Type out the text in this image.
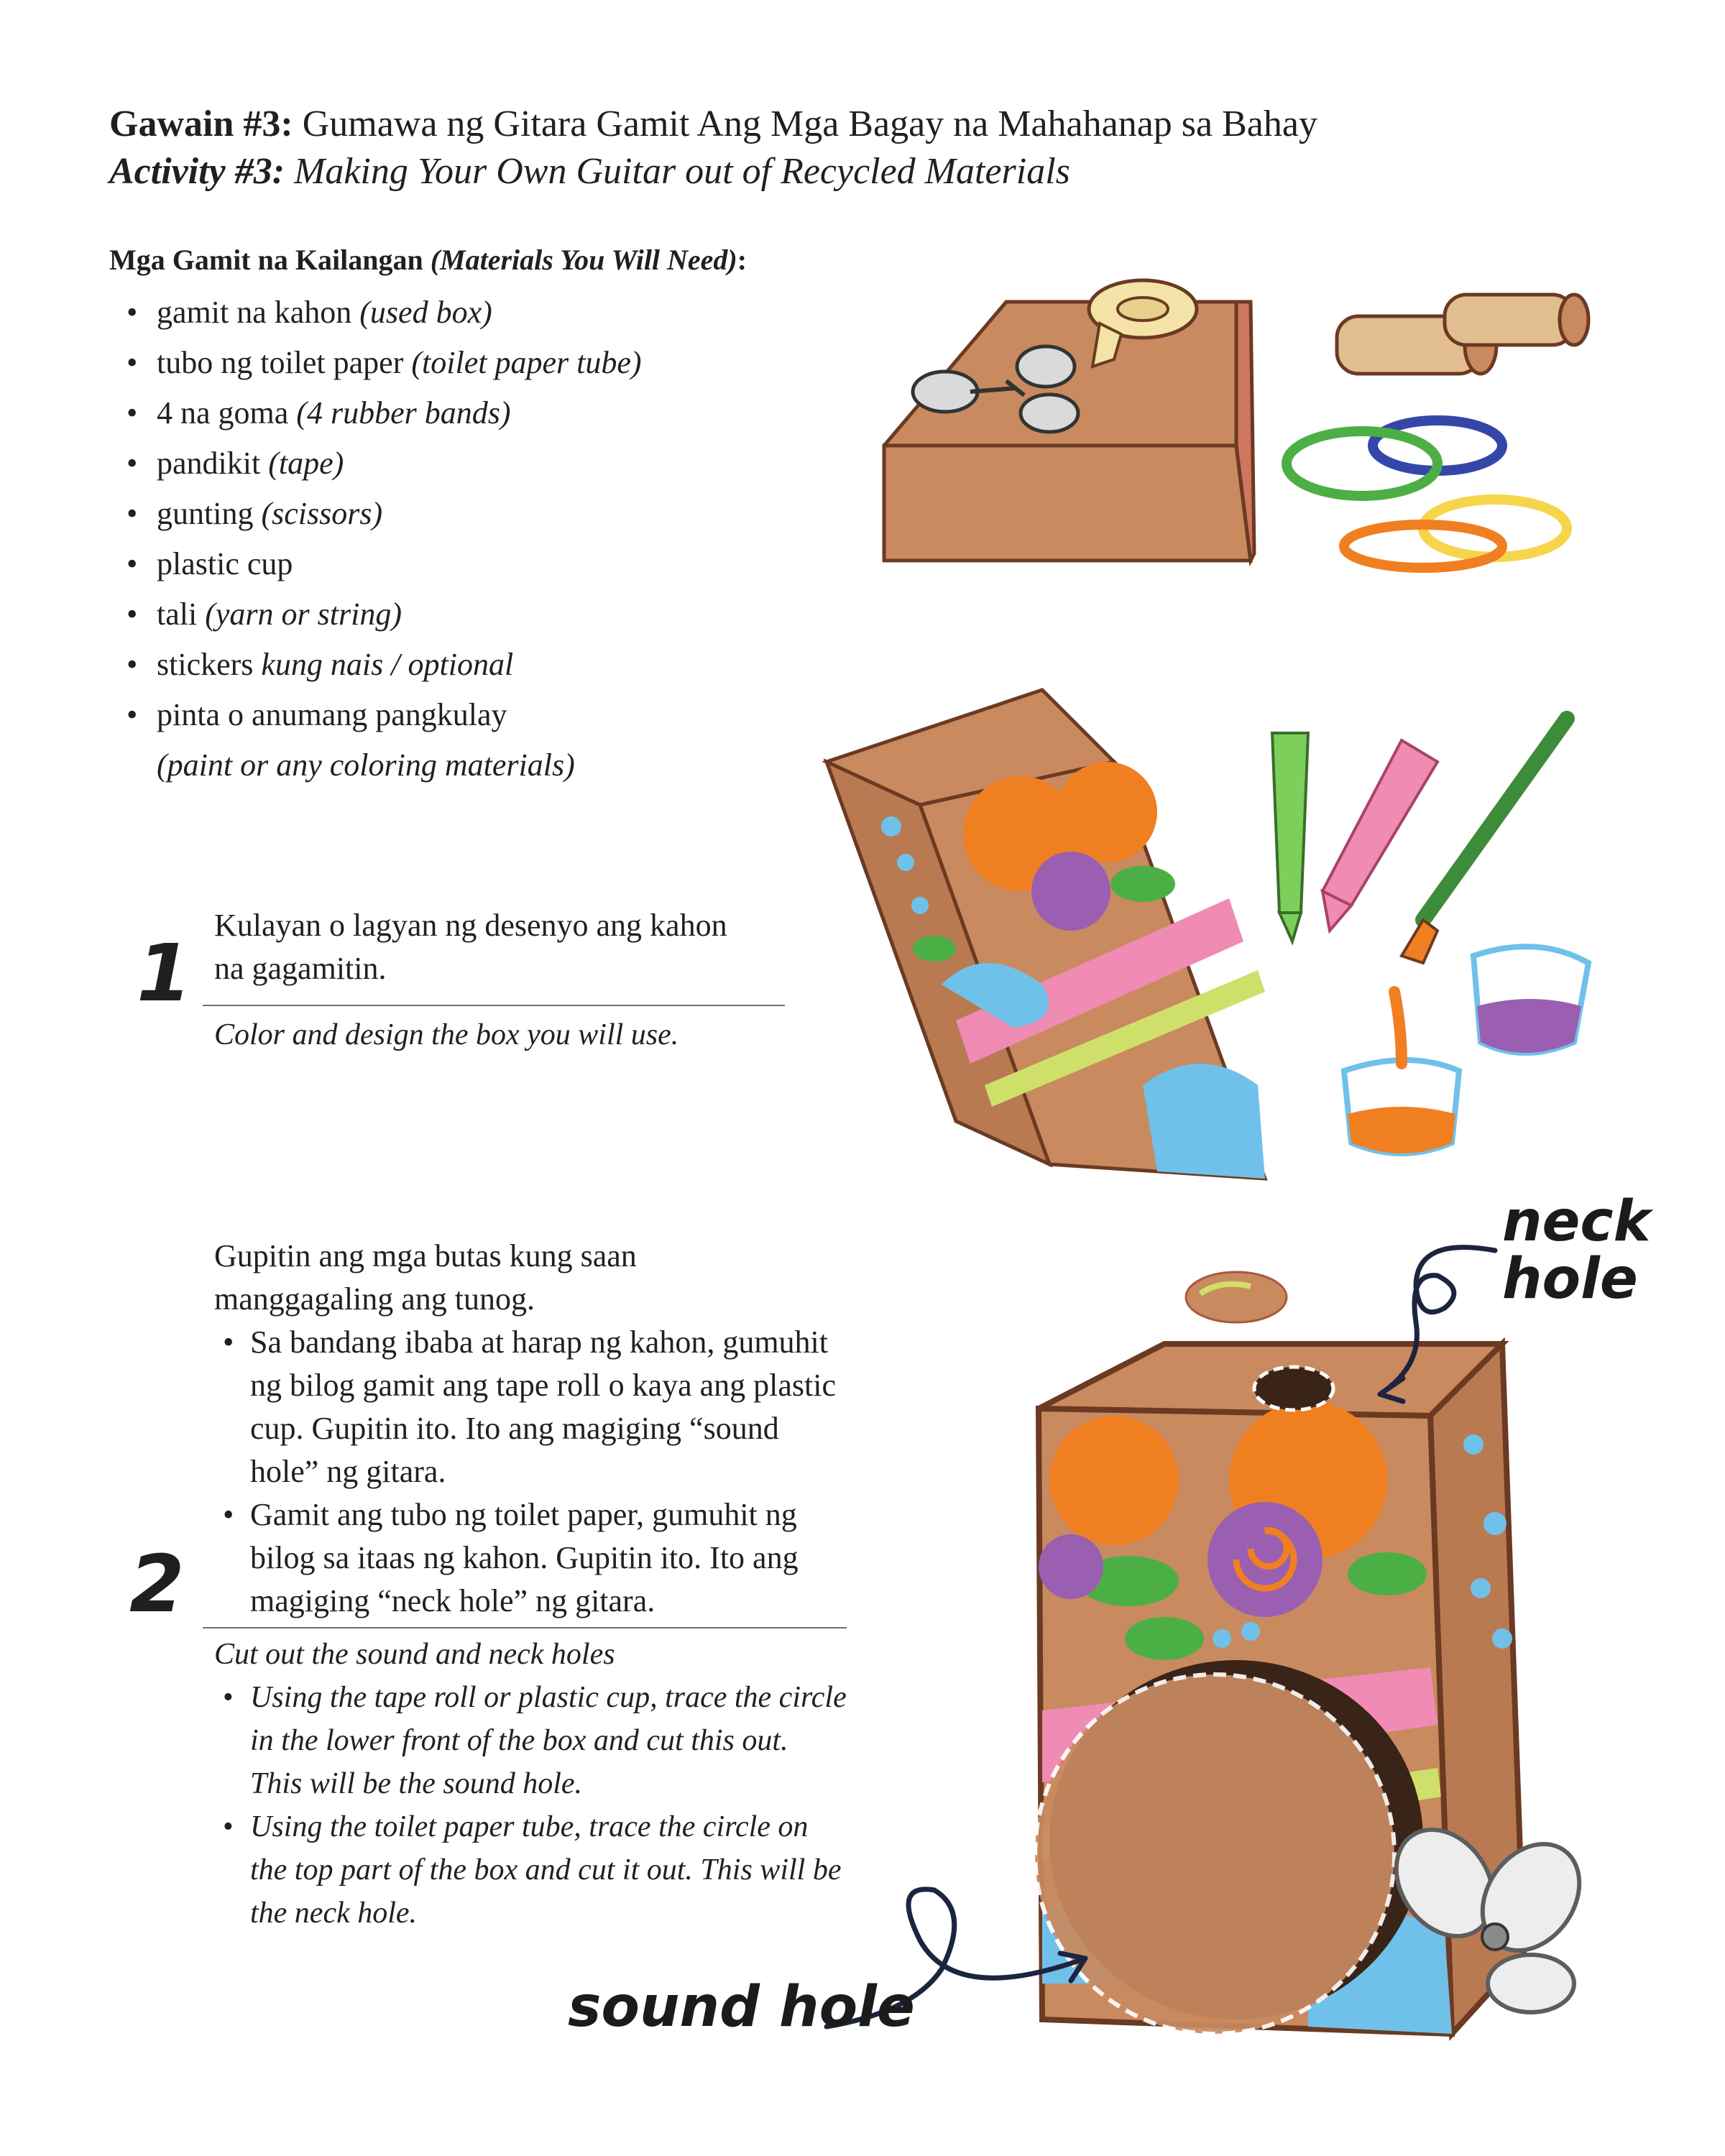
Gawain #3: Gumawa ng Gitara Gamit Ang Mga Bagay na Mahahanap sa Bahay
Activity #3: Making Your Own Guitar out of Recycled Materials
Mga Gamit na Kailangan (Materials You Will Need):
• gamit na kahon (used box)
• tubo ng toilet paper (toilet paper tube)
• 4 na goma (4 rubber bands)
• pandikit (tape)
• gunting (scissors)
• plastic cup
• tali (yarn or string)
• stickers kung nais / optional
• pinta o anumang pangkulay
(paint or any coloring materials)
1
Kulayan o lagyan ng desenyo ang kahon na gagamitin.
Color and design the box you will use.
2
Gupitin ang mga butas kung saan manggagaling ang tunog.
• Sa bandang ibaba at harap ng kahon, gumuhit ng bilog gamit ang tape roll o kaya ang plastic cup. Gupitin ito. Ito ang magiging “sound hole” ng gitara.
• Gamit ang tubo ng toilet paper, gumuhit ng bilog sa itaas ng kahon. Gupitin ito. Ito ang magiging “neck hole” ng gitara.
Cut out the sound and neck holes
• Using the tape roll or plastic cup, trace the circle in the lower front of the box and cut this out. This will be the sound hole.
• Using the toilet paper tube, trace the circle on the top part of the box and cut it out. This will be the neck hole.
neck
hole
sound hole
